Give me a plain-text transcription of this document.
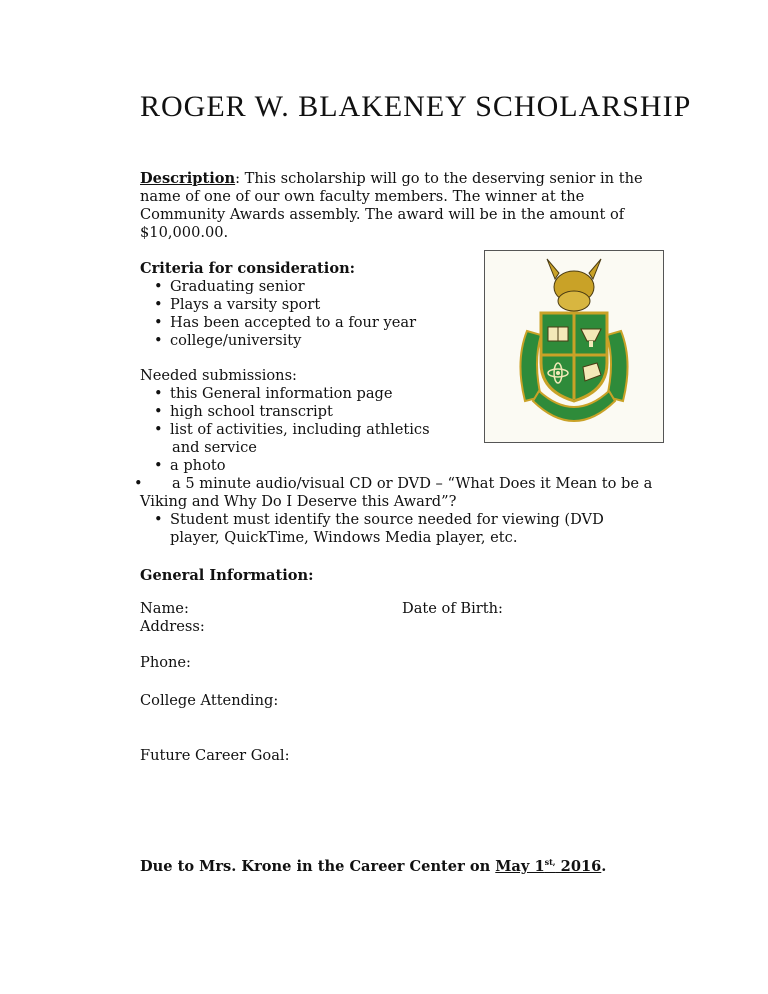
ROGER W. BLAKENEY SCHOLARSHIP

Description: This scholarship will go to the deserving senior in the name of one of our own faculty members. The winner at the Community Awards assembly. The award will be in the amount of $10,000.00.

Criteria for consideration:
• Graduating senior
• Plays a varsity sport
• Has been accepted to a four year
• college/university
Needed submissions:
• this General information page
• high school transcript
• list of activities, including athletics
and service
• a photo
• a 5 minute audio/visual CD or DVD – “What Does it Mean to be a
Viking and Why Do I Deserve this Award”?
• Student must identify the source needed for viewing (DVD
player, QuickTime, Windows Media player, etc.
General Information:
Name:	Date of Birth:
Address:
Phone:
College Attending:
Future Career Goal:
Due to Mrs. Krone in the Career Center on May $1^{st,}$ 2016.
